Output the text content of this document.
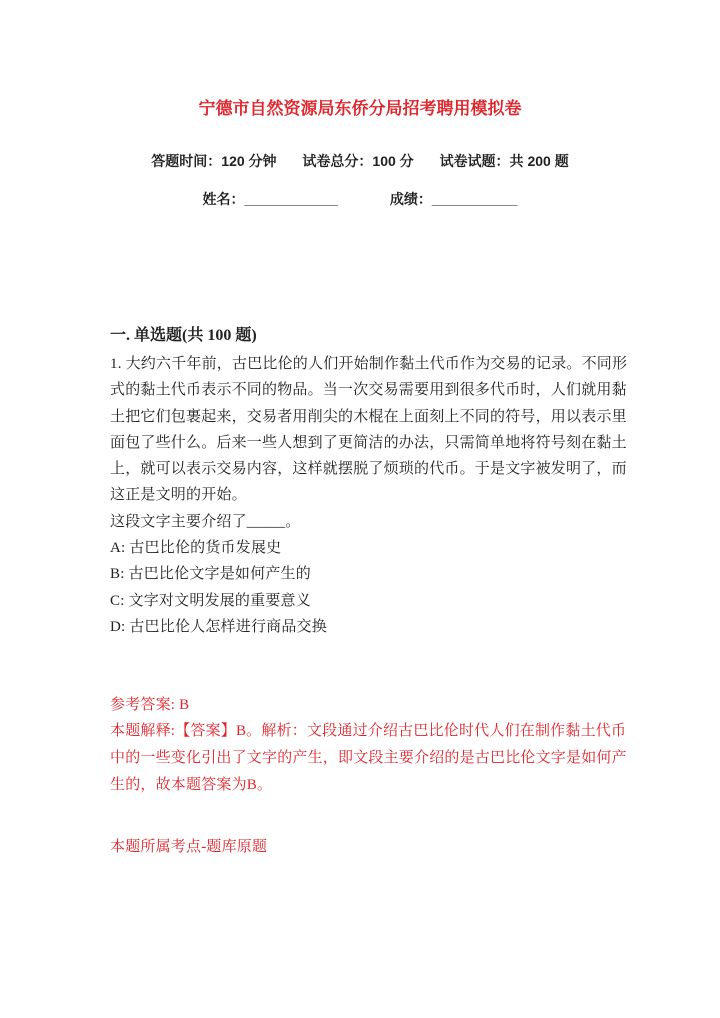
宁德市自然资源局东侨分局招考聘用模拟卷
答题时间：120 分钟 试卷总分：100 分 试卷试题：共 200 题
姓名：____________	成绩：___________
一. 单选题(共 100 题)
1. 大约六千年前，古巴比伦的人们开始制作黏土代币作为交易的记录。不同形
式的黏土代币表示不同的物品。当一次交易需要用到很多代币时，人们就用黏
土把它们包裹起来，交易者用削尖的木棍在上面刻上不同的符号，用以表示里
面包了些什么。后来一些人想到了更简洁的办法，只需简单地将符号刻在黏土
上，就可以表示交易内容，这样就摆脱了烦琐的代币。于是文字被发明了，而
这正是文明的开始。
这段文字主要介绍了_____。
A: 古巴比伦的货币发展史
B: 古巴比伦文字是如何产生的
C: 文字对文明发展的重要意义
D: 古巴比伦人怎样进行商品交换
参考答案: B
本题解释:【答案】B。解析：文段通过介绍古巴比伦时代人们在制作黏土代币
中的一些变化引出了文字的产生，即文段主要介绍的是古巴比伦文字是如何产
生的，故本题答案为B。
本题所属考点-题库原题
